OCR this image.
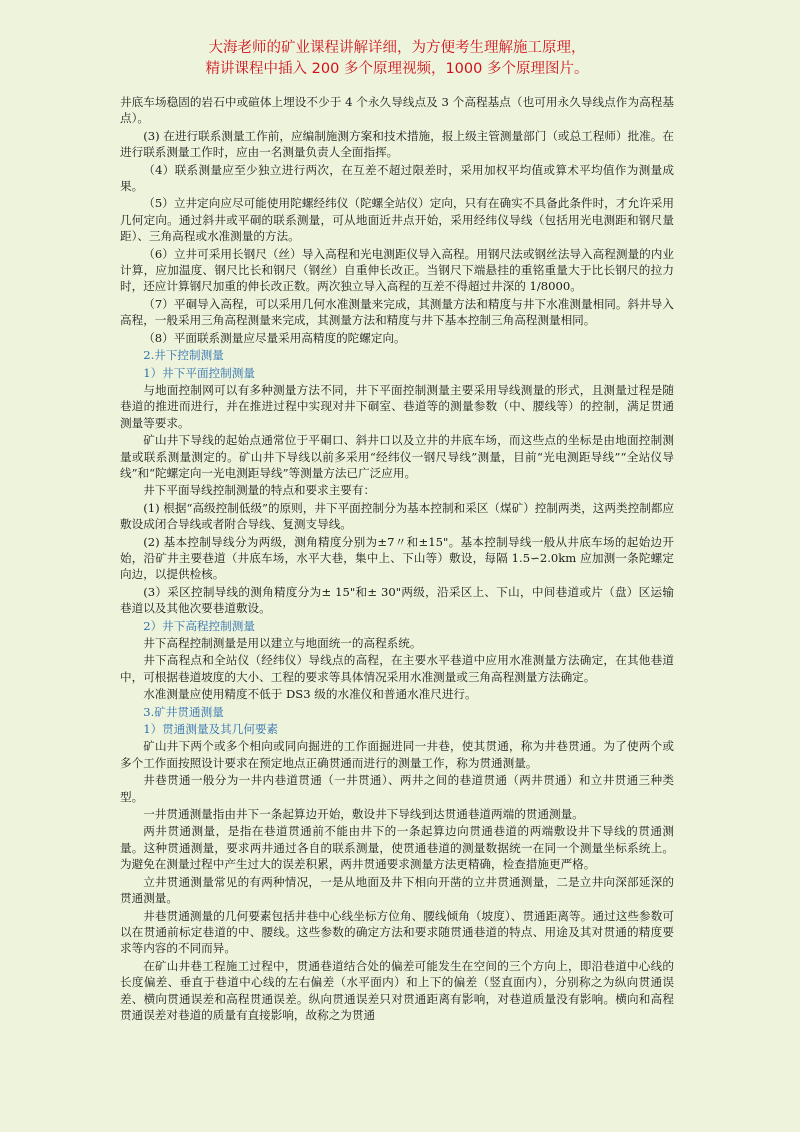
大海老师的矿业课程讲解详细，为方便考生理解施工原理，
精讲课程中插入 200 多个原理视频，1000 多个原理图片。

井底车场稳固的岩石中或碹体上埋设不少于 4 个永久导线点及 3 个高程基点（也可用永久导线点作为高程基点）。

(3) 在进行联系测量工作前，应编制施测方案和技术措施，报上级主管测量部门（或总工程师）批准。在进行联系测量工作时，应由一名测量负责人全面指挥。

（4）联系测量应至少独立进行两次，在互差不超过限差时，采用加权平均值或算术平均值作为测量成果。

（5）立井定向应尽可能使用陀螺经纬仪（陀螺全站仪）定向，只有在确实不具备此条件时，才允许采用几何定向。通过斜井或平硐的联系测量，可从地面近井点开始，采用经纬仪导线（包括用光电测距和钢尺量距）、三角高程或水准测量的方法。

（6）立井可采用长钢尺（丝）导入高程和光电测距仪导入高程。用钢尺法或钢丝法导入高程测量的内业计算，应加温度、钢尺比长和钢尺（钢丝）自重伸长改正。当钢尺下端悬挂的重铭重量大于比长钢尺的拉力时，还应计算钢尺加重的伸长改正数。两次独立导入高程的互差不得超过井深的 1/8000。

（7）平硐导入高程，可以采用几何水准测量来完成，其测量方法和精度与井下水准测量相同。斜井导入高程，一般采用三角高程测量来完成，其测量方法和精度与井下基本控制三角高程测量相同。

（8）平面联系测量应尽量采用高精度的陀螺定向。

2.井下控制测量

1）井下平面控制测量

与地面控制网可以有多种测量方法不同，井下平面控制测量主要采用导线测量的形式，且测量过程是随巷道的推进而进行，并在推进过程中实现对井下硐室、巷道等的测量参数（中、腰线等）的控制，满足贯通测量等要求。

矿山井下导线的起始点通常位于平硐口、斜井口以及立井的井底车场，而这些点的坐标是由地面控制测量或联系测量测定的。矿山井下导线以前多采用“经纬仪一钢尺导线”测量，目前“光电测距导线”“全站仪导线”和“陀螺定向一光电测距导线”等测量方法已广泛应用。

井下平面导线控制测量的特点和要求主要有：

(1) 根据“高级控制低级”的原则，井下平面控制分为基本控制和采区（煤矿）控制两类，这两类控制都应敷设成闭合导线或者附合导线、复测支导线。

(2) 基本控制导线分为两级，测角精度分别为±7〃和±15"。基本控制导线一般从井底车场的起始边开始，沿矿井主要巷道（井底车场，水平大巷，集中上、下山等）敷设，每隔 1.5∽2.0km 应加测一条陀螺定向边，以提供检核。

(3）采区控制导线的测角精度分为± 15"和± 30"两级，沿采区上、下山，中间巷道或片（盘）区运输巷道以及其他次要巷道敷设。

2）井下高程控制测量

井下高程控制测量是用以建立与地面统一的高程系统。

井下高程点和全站仪（经纬仪）导线点的高程，在主要水平巷道中应用水准测量方法确定，在其他巷道中，可根据巷道坡度的大小、工程的要求等具体情况采用水准测量或三角高程测量方法确定。

水准测量应使用精度不低于 DS3 级的水准仪和普通水准尺进行。

3.矿井贯通测量

1）贯通测量及其几何要素

矿山井下两个或多个相向或同向掘进的工作面掘进同一井巷，使其贯通，称为井巷贯通。为了使两个或多个工作面按照设计要求在预定地点正确贯通而进行的测量工作，称为贯通测量。

井巷贯通一般分为一井内巷道贯通（一井贯通）、两井之间的巷道贯通（两井贯通）和立井贯通三种类型。

一井贯通测量指由井下一条起算边开始，敷设井下导线到达贯通巷道两端的贯通测量。

两井贯通测量，是指在巷道贯通前不能由井下的一条起算边向贯通巷道的两端敷设井下导线的贯通测量。这种贯通测量，要求两井通过各自的联系测量，使贯通巷道的测量数据统一在同一个测量坐标系统上。为避免在测量过程中产生过大的误差积累，两井贯通要求测量方法更精确，检查措施更严格。

立井贯通测量常见的有两种情况，一是从地面及井下相向开凿的立井贯通测量，二是立井向深部延深的贯通测量。

井巷贯通测量的几何要素包括井巷中心线坐标方位角、腰线倾角（坡度）、贯通距离等。通过这些参数可以在贯通前标定巷道的中、腰线。这些参数的确定方法和要求随贯通巷道的特点、用途及其对贯通的精度要求等内容的不同而异。

在矿山井巷工程施工过程中，贯通巷道结合处的偏差可能发生在空间的三个方向上，即沿巷道中心线的长度偏差、垂直于巷道中心线的左右偏差（水平面内）和上下的偏差（竖直面内），分别称之为纵向贯通误差、横向贯通误差和高程贯通误差。纵向贯通误差只对贯通距离有影响，对巷道质量没有影响。横向和高程贯通误差对巷道的质量有直接影响，故称之为贯通
